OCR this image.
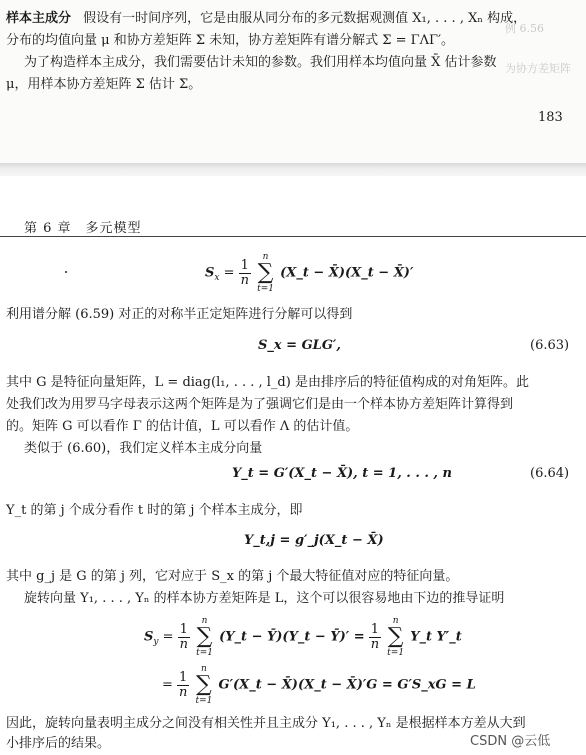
样本主成分 假设有一时间序列，它是由服从同分布的多元数据观测值 X₁, . . . , Xₙ 构成，
分布的均值向量 μ 和协方差矩阵 Σ 未知，协方差矩阵有谱分解式 Σ = ΓΛΓ′。
为了构造样本主成分，我们需要估计未知的参数。我们用样本均值向量 X̄ 估计参数
μ，用样本协方差矩阵 Σ 估计 Σ。
183
例 6.56
为协方差矩阵
第 6 章　多元模型
$S_x = \frac{1}{n}$

n
∑
t=1
(X_t − X̄)(X_t − X̄)′
利用谱分解 (6.59) 对正的对称半正定矩阵进行分解可以得到
S_x = GLG′,	(6.63)
其中 G 是特征向量矩阵，L = diag(l₁, . . . , l_d) 是由排序后的特征值构成的对角矩阵。此
处我们改为用罗马字母表示这两个矩阵是为了强调它们是由一个样本协方差矩阵计算得到
的。矩阵 G 可以看作 Γ 的估计值，L 可以看作 Λ 的估计值。
类似于 (6.60)，我们定义样本主成分向量
Y_t = G′(X_t − X̄), t = 1, . . . , n	(6.64)
Y_t 的第 j 个成分看作 t 时的第 j 个样本主成分，即
Y_t,j = g′_j(X_t − X̄)
其中 g_j 是 G 的第 j 列，它对应于 S_x 的第 j 个最大特征值对应的特征向量。
旋转向量 Y₁, . . . , Yₙ 的样本协方差矩阵是 L，这个可以很容易地由下边的推导证明
$S_y = \frac{1}{n}$

n
∑
t=1
(Y_t − Ȳ)(Y_t − Ȳ)′ = $\frac{1}{n}$

n
∑
t=1
Y_t Y′_t
= $\frac{1}{n}$

n
∑
t=1
G′(X_t − X̄)(X_t − X̄)′G = G′S_xG = L
因此，旋转向量表明主成分之间没有相关性并且主成分 Y₁, . . . , Yₙ 是根据样本方差从大到
小排序后的结果。	CSDN @云低
